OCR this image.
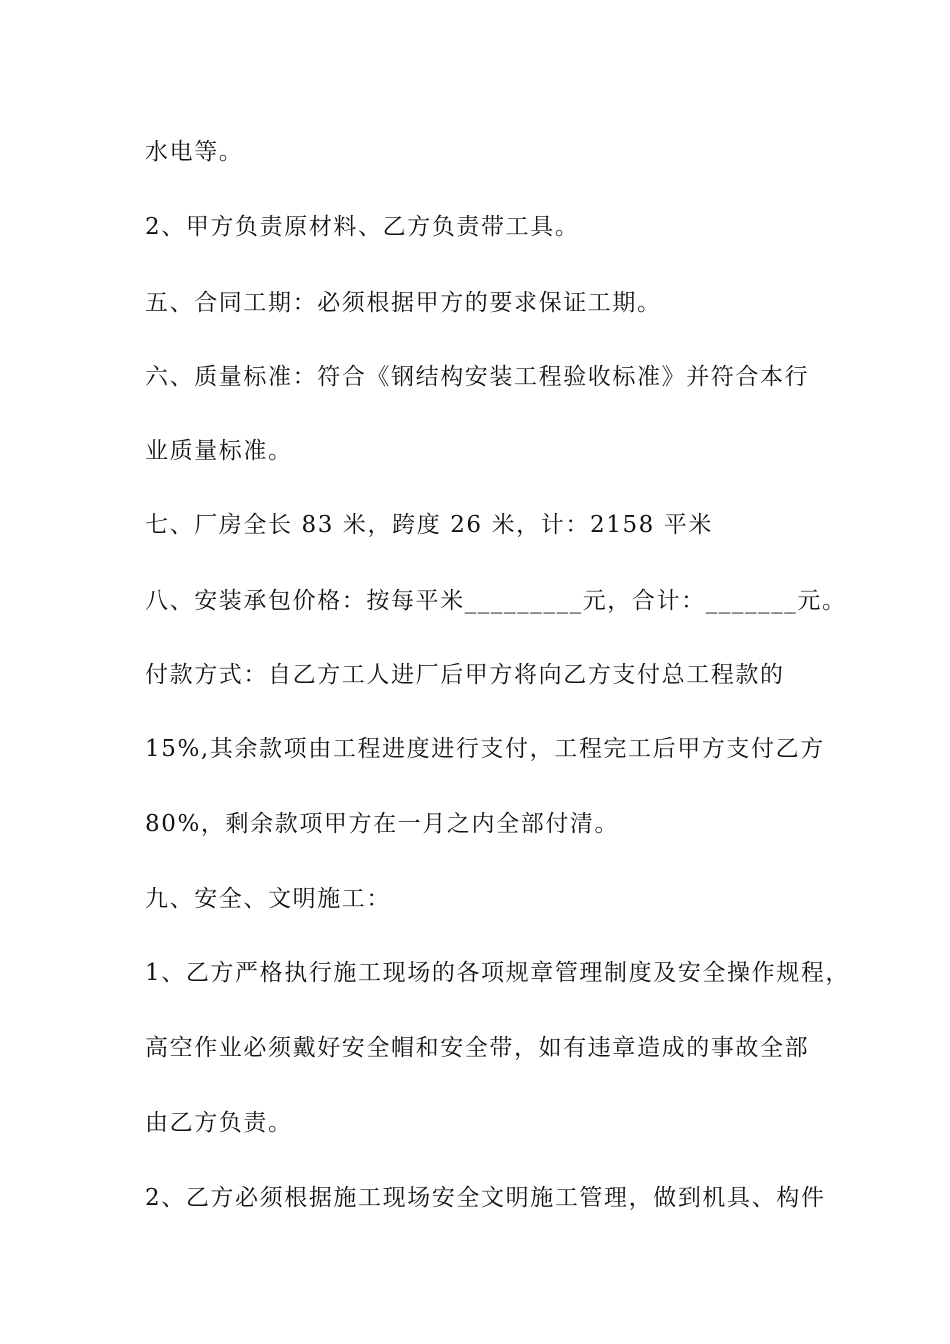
水电等。
2、甲方负责原材料、乙方负责带工具。
五、合同工期：必须根据甲方的要求保证工期。
六、质量标准：符合《钢结构安装工程验收标准》并符合本行
业质量标准。
七、厂房全长 83 米，跨度 26 米，计：2158 平米
八、安装承包价格：按每平米_________元，合计：_______元。
付款方式：自乙方工人进厂后甲方将向乙方支付总工程款的
15%,其余款项由工程进度进行支付，工程完工后甲方支付乙方
80%，剩余款项甲方在一月之内全部付清。
九、安全、文明施工：
1、乙方严格执行施工现场的各项规章管理制度及安全操作规程，
高空作业必须戴好安全帽和安全带，如有违章造成的事故全部
由乙方负责。
2、乙方必须根据施工现场安全文明施工管理，做到机具、构件
